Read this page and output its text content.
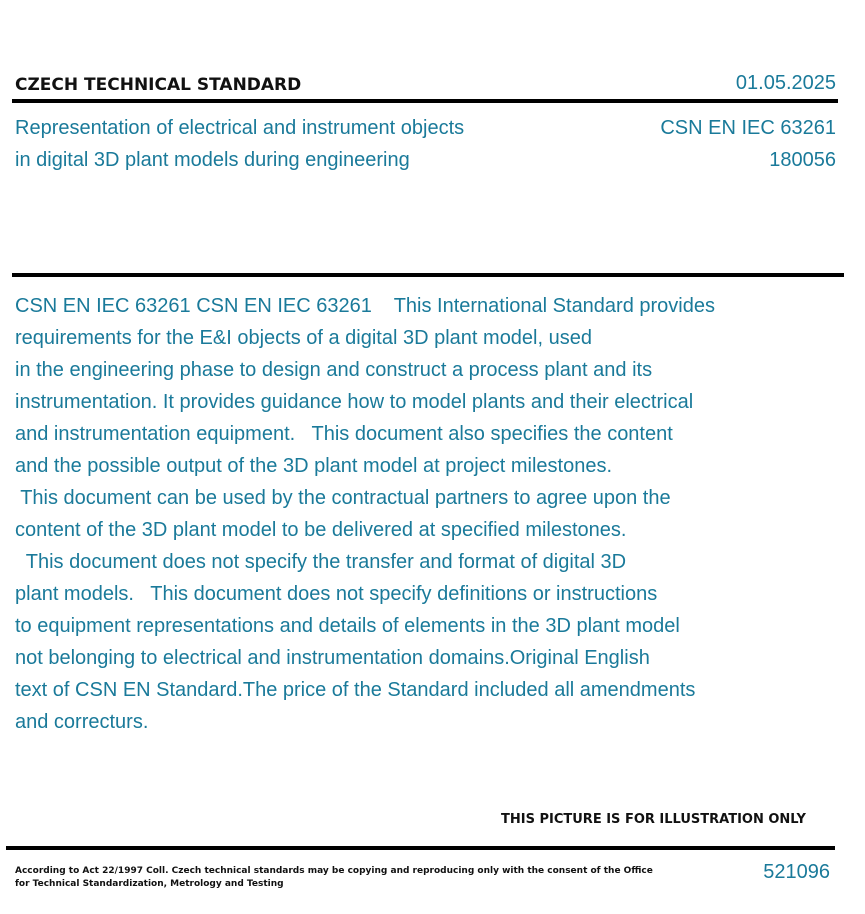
CZECH TECHNICAL STANDARD	01.05.2025
Representation of electrical and instrument objects
in digital 3D plant models during engineering
CSN EN IEC 63261
180056
CSN EN IEC 63261 CSN EN IEC 63261    This International Standard provides
requirements for the E&I objects of a digital 3D plant model, used
in the engineering phase to design and construct a process plant and its
instrumentation. It provides guidance how to model plants and their electrical
and instrumentation equipment.   This document also specifies the content
and the possible output of the 3D plant model at project milestones.
This document can be used by the contractual partners to agree upon the
content of the 3D plant model to be delivered at specified milestones.
This document does not specify the transfer and format of digital 3D
plant models.   This document does not specify definitions or instructions
to equipment representations and details of elements in the 3D plant model
not belonging to electrical and instrumentation domains.Original English
text of CSN EN Standard.The price of the Standard included all amendments
and correcturs.
THIS PICTURE IS FOR ILLUSTRATION ONLY
According to Act 22/1997 Coll. Czech technical standards may be copying and reproducing only with the consent of the Office
for Technical Standardization, Metrology and Testing
521096
